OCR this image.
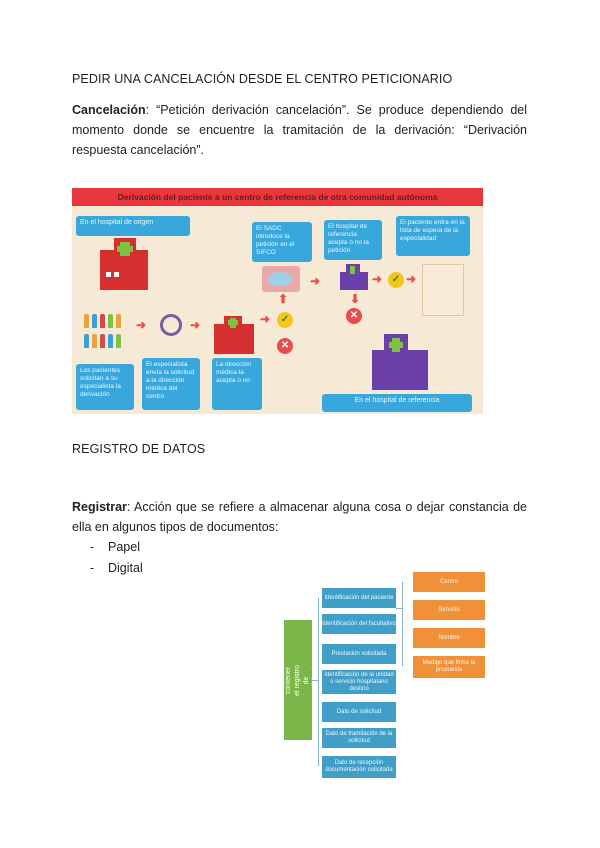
PEDIR UNA CANCELACIÓN DESDE EL CENTRO PETICIONARIO
Cancelación: “Petición derivación cancelación”. Se produce dependiendo del momento donde se encuentre la tramitación de la derivación: “Derivación respuesta cancelación”.
Derivación del paciente a un centro de referencia de otra comunidad autónoma
En el hospital de origen
➜	➜	➜	✓
✕
Los pacientes solicitan a su especialista la derivación
El especialista envía la solicitud a la dirección médica del centro
La dirección médica la acepta o no
El SADC introduce la petición en el SIFCO
⬆
➜
El hospital de referencia acepta o no la petición
➜ ✓ ➜
⬇
✕
El paciente entra en la lista de espera de la especialidad
En el hospital de referencia
REGISTRO DE DATOS
Registrar: Acción que se refiere a almacenar alguna cosa o dejar constancia de ella en algunos tipos de documentos:
- Papel
- Digital
Datos que ha de contener el registro de
Identificación del paciente
Identificación del facultativo
Prestación solicitada
Identificación de la unidad o servicio hospitalario destino
Dato de solicitud
Dato de tramitación de la solicitud
Dato de recepción documentación solicitada
Centro
Servicio
Nombre
Medigo que firma la propuesta
